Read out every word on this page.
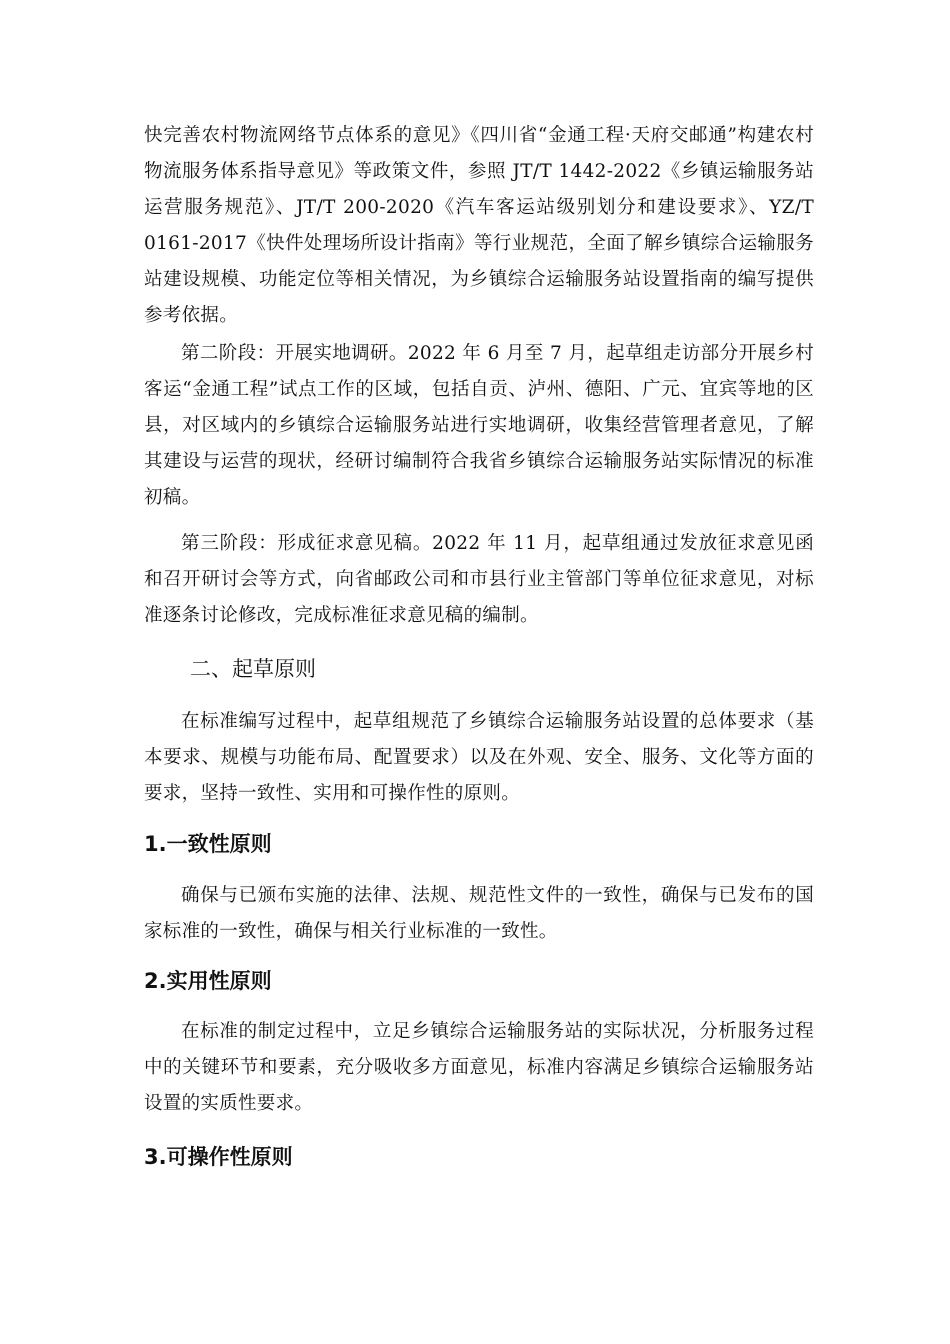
快完善农村物流网络节点体系的意见》《四川省“金通工程·天府交邮通”构建农村物流服务体系指导意见》等政策文件，参照 JT/T 1442-2022《乡镇运输服务站运营服务规范》、JT/T 200-2020《汽车客运站级别划分和建设要求》、YZ/T 0161-2017《快件处理场所设计指南》等行业规范，全面了解乡镇综合运输服务站建设规模、功能定位等相关情况，为乡镇综合运输服务站设置指南的编写提供参考依据。

第二阶段：开展实地调研。2022 年 6 月至 7 月，起草组走访部分开展乡村客运“金通工程”试点工作的区域，包括自贡、泸州、德阳、广元、宜宾等地的区县，对区域内的乡镇综合运输服务站进行实地调研，收集经营管理者意见，了解其建设与运营的现状，经研讨编制符合我省乡镇综合运输服务站实际情况的标准初稿。

第三阶段：形成征求意见稿。2022 年 11 月，起草组通过发放征求意见函和召开研讨会等方式，向省邮政公司和市县行业主管部门等单位征求意见，对标准逐条讨论修改，完成标准征求意见稿的编制。

二、起草原则

在标准编写过程中，起草组规范了乡镇综合运输服务站设置的总体要求（基本要求、规模与功能布局、配置要求）以及在外观、安全、服务、文化等方面的要求，坚持一致性、实用和可操作性的原则。

1.一致性原则

确保与已颁布实施的法律、法规、规范性文件的一致性，确保与已发布的国家标准的一致性，确保与相关行业标准的一致性。

2.实用性原则

在标准的制定过程中，立足乡镇综合运输服务站的实际状况，分析服务过程中的关键环节和要素，充分吸收多方面意见，标准内容满足乡镇综合运输服务站设置的实质性要求。

3.可操作性原则
